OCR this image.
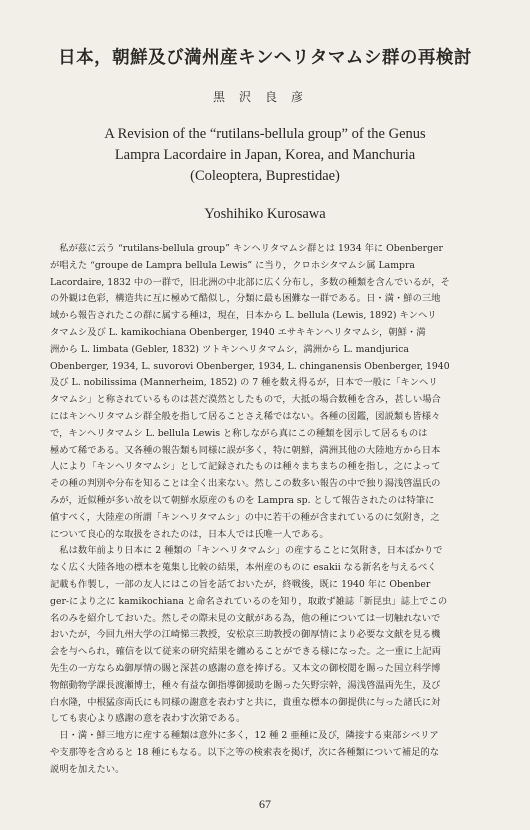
日本，朝鮮及び満州産キンヘリタマムシ群の再検討
黒沢良彦
A Revision of the “rutilans-bellula group” of the Genus
Lampra Lacordaire in Japan, Korea, and Manchuria
(Coleoptera, Buprestidae)
Yoshihiko Kurosawa
　私が茲に云う “rutilans-bellula group” キンヘリタマムシ群とは 1934 年に Obenberger
が唱えた “groupe de Lampra bellula Lewis” に当り，クロホシタマムシ属 Lampra
Lacordaire, 1832 中の一群で，旧北洲の中北部に広く分布し，多数の種類を含んでいるが，そ
の外観は色彩，構造共に互に極めて酷似し，分類に最も困難な一群である。日・満・鮮の三地
域から報告されたこの群に属する種は，現在，日本から L. bellula (Lewis, 1892) キンヘリ
タマムシ及び L. kamikochiana Obenberger, 1940 エサキキンヘリタマムシ，朝鮮・満
洲から L. limbata (Gebler, 1832) ツトキンヘリタマムシ，満洲から L. mandjurica
Obenberger, 1934, L. suvorovi Obenberger, 1934, L. chinganensis Obenberger, 1940
及び L. nobilissima (Mannerheim, 1852) の 7 種を数え得るが，日本で一般に「キンヘリ
タマムシ」と称されているものは甚だ漠然としたもので，大抵の場合数種を含み，甚しい場合
にはキンヘリタマムシ群全般を指して居ることさえ稀ではない。各種の図鑑，図説類も皆様々
で，キンヘリタマムシ L. bellula Lewis と称しながら真にこの種類を図示して居るものは
極めて稀である。又各種の報告類も同様に誤が多く，特に朝鮮，満洲其他の大陸地方から日本
人により「キンヘリタマムシ」として記録されたものは種々まちまちの種を指し，之によって
その種の判別や分布を知ることは全く出来ない。然しこの数多い報告の中で独り湯浅啓温氏の
みが，近似種が多い故を以て朝鮮水原産のものを Lampra sp. として報告されたのは特筆に
値すべく，大陸産の所謂「キンヘリタマムシ」の中に若干の種が含まれているのに気附き，之
について良心的な取扱をされたのは，日本人では氏唯一人である。
　私は数年前より日本に 2 種類の「キンヘリタマムシ」の産することに気附き，日本ばかりで
なく広く大陸各地の標本を蒐集し比較の結果，本州産のものに esakii なる新名を与えるべく
記載も作製し，一部の友人にはこの旨を話ておいたが，終戦後，既に 1940 年に Obenber
ger-により之に kamikochiana と命名されているのを知り，取敢ず雑誌「新昆虫」誌上でこの
名のみを紹介しておいた。然しその際未見の文献がある為，他の種については一切触れないで
おいたが，今回九州大学の江崎悌三教授，安松京三助教授の御厚情により必要な文献を見る機
会を与へられ，確信を以て従来の研究結果を纏めることができる様になった。之一重に上記両
先生の一方ならぬ御厚情の賜と深甚の感謝の意を捧げる。又本文の御校閲を賜った国立科学博
物館動物学課長渡瀬博士，種々有益な御指導御援助を賜った矢野宗幹，湯浅啓温両先生，及び
白水隆，中根猛彦両氏にも同様の謝意を表わすと共に，貴重な標本の御提供に与った諸氏に対
しても衷心より感謝の意を表わす次第である。
　日・満・鮮三地方に産する種類は意外に多く，12 種 2 亜種に及び，隣接する東部シベリア
や支那等を含めると 18 種にもなる。以下之等の検索表を掲げ，次に各種類について補足的な
説明を加えたい。
67
